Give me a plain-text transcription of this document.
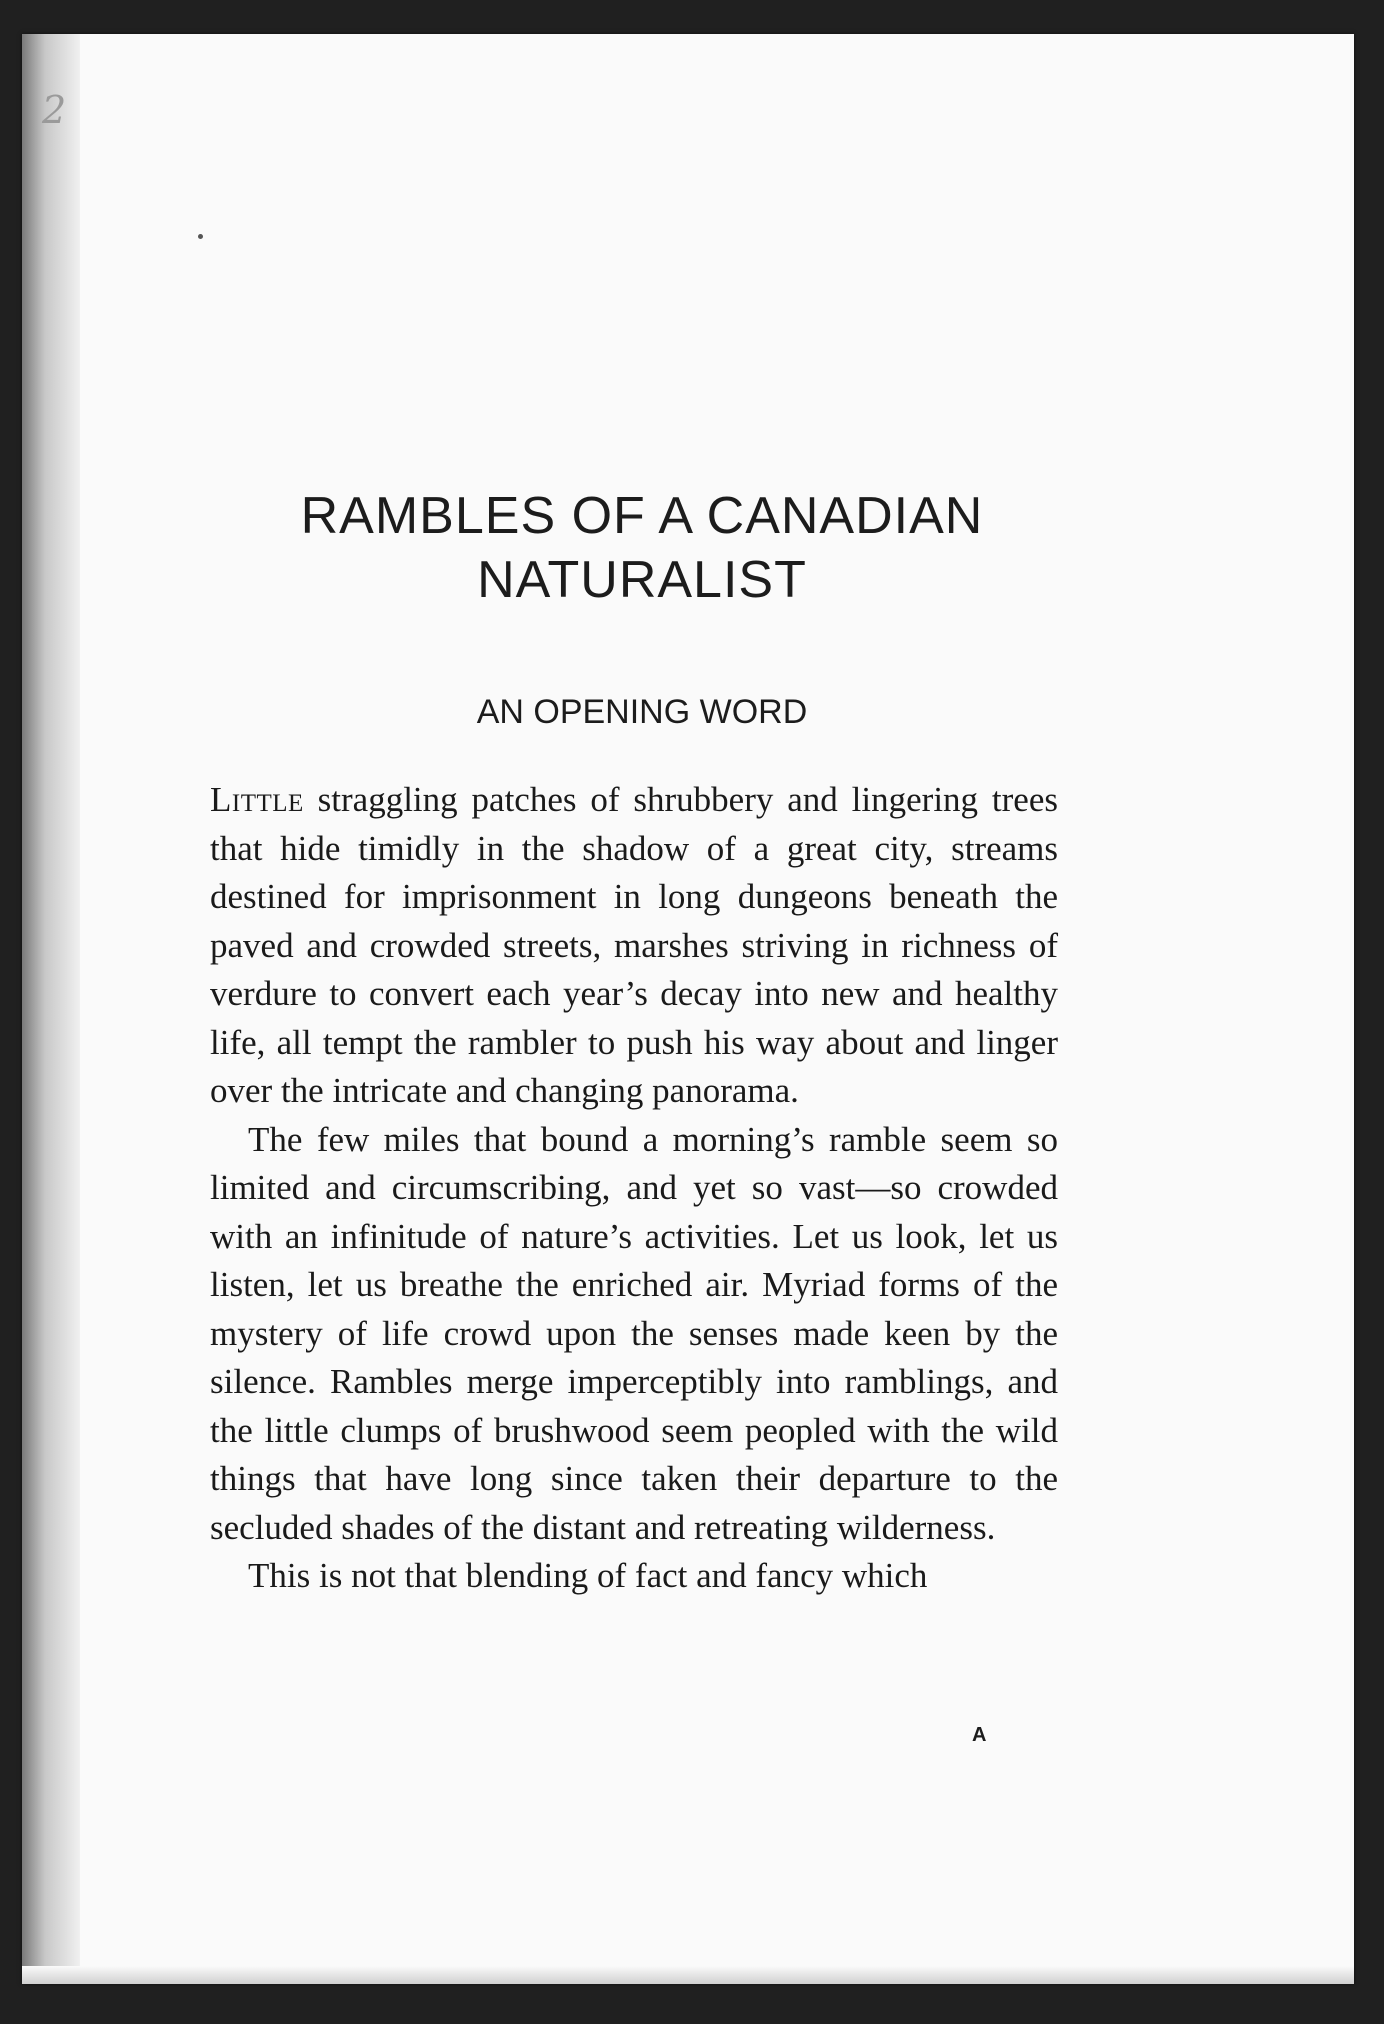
2
RAMBLES OF A CANADIAN
NATURALIST
AN OPENING WORD

Little straggling patches of shrubbery and lingering trees that hide timidly in the shadow of a great city, streams destined for imprisonment in long dungeons beneath the paved and crowded streets, marshes striving in richness of verdure to convert each year’s decay into new and healthy life, all tempt the rambler to push his way about and linger over the intricate and changing panorama.

The few miles that bound a morning’s ramble seem so limited and circumscribing, and yet so vast—so crowded with an infinitude of nature’s activities. Let us look, let us listen, let us breathe the enriched air. Myriad forms of the mystery of life crowd upon the senses made keen by the silence. Rambles merge imperceptibly into ramblings, and the little clumps of brushwood seem peopled with the wild things that have long since taken their departure to the secluded shades of the distant and retreating wilderness.

This is not that blending of fact and fancy which

A
